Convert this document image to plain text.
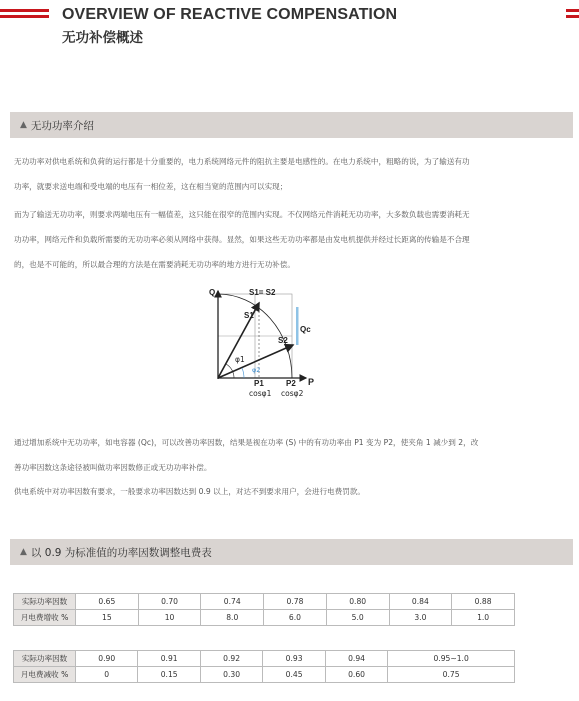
OVERVIEW OF REACTIVE COMPENSATION
无功补偿概述
▲ 无功功率介绍

无功功率对供电系统和负荷的运行都是十分重要的，电力系统网络元件的阻抗主要是电感性的。在电力系统中，粗略的说，为了输送有功
功率，就要求送电端和受电端的电压有一相位差，这在相当宽的范围内可以实现；

而为了输送无功功率，则要求两端电压有一幅值差，这只能在很窄的范围内实现。不仅网络元件消耗无功功率，大多数负载也需要消耗无
功功率，网络元件和负载所需要的无功功率必须从网络中获得。显然，如果这些无功功率都是由发电机提供并经过长距离的传输是不合理
的，也是不可能的，所以最合理的方法是在需要消耗无功功率的地方进行无功补偿。

Q
P
S1= S2
S1
S2
Qc
φ1
φ2
P1	P2
cosφ1 cosφ2

通过增加系统中无功功率，如电容器 (Qc)，可以改善功率因数，结果是视在功率 (S) 中的有功功率由 P1 变为 P2，使夹角 1 减少到 2，改
善功率因数这条途径被叫做功率因数修正或无功功率补偿。

供电系统中对功率因数有要求，一般要求功率因数达到 0.9 以上，对达不到要求用户，会进行电费罚款。

▲ 以 0.9 为标准值的功率因数调整电费表
实际功率因数	0.65	0.70	0.74	0.78	0.80	0.84	0.88
月电费增收 %	15	10	8.0	6.0	5.0	3.0	1.0
实际功率因数	0.90	0.91	0.92	0.93	0.94	0.95~1.0
月电费减收 %	0	0.15	0.30	0.45	0.60	0.75
